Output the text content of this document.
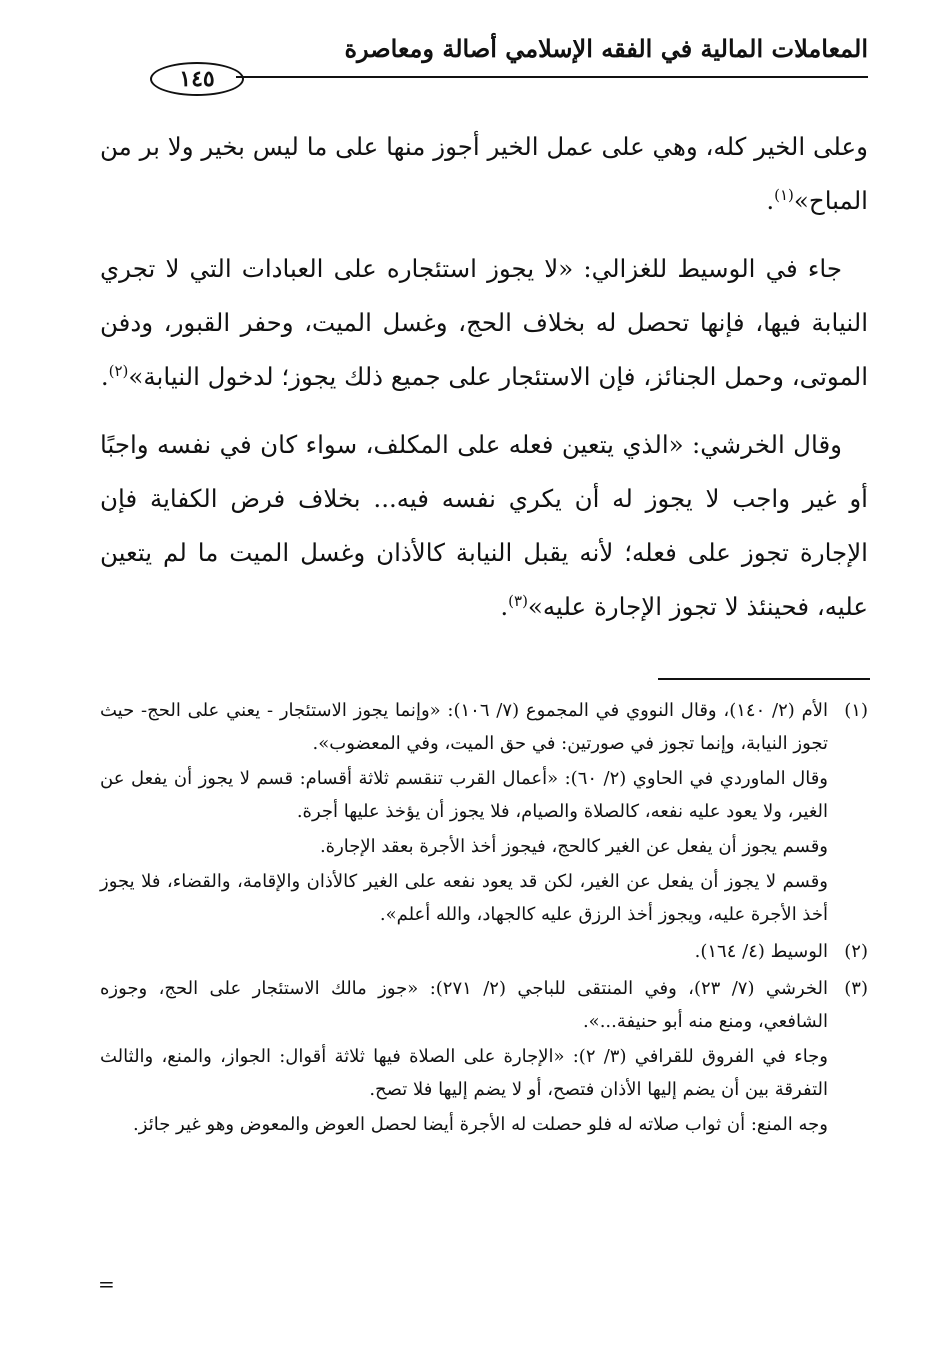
المعاملات المالية في الفقه الإسلامي أصالة ومعاصرة
١٤٥

وعلى الخير كله، وهي على عمل الخير أجوز منها على ما ليس بخير ولا بر من المباح»$^{(١)}$.

جاء في الوسيط للغزالي: «لا يجوز استئجاره على العبادات التي لا تجري النيابة فيها، فإنها تحصل له بخلاف الحج، وغسل الميت، وحفر القبور، ودفن الموتى، وحمل الجنائز، فإن الاستئجار على جميع ذلك يجوز؛ لدخول النيابة»$^{(٢)}$.

وقال الخرشي: «الذي يتعين فعله على المكلف، سواء كان في نفسه واجبًا أو غير واجب لا يجوز له أن يكري نفسه فيه... بخلاف فرض الكفاية فإن الإجارة تجوز على فعله؛ لأنه يقبل النيابة كالأذان وغسل الميت ما لم يتعين عليه، فحينئذ لا تجوز الإجارة عليه»$^{(٣)}$.

(١)

الأم (٢/ ١٤٠)، وقال النووي في المجموع (٧/ ١٠٦): «وإنما يجوز الاستئجار - يعني على الحج- حيث تجوز النيابة، وإنما تجوز في صورتين: في حق الميت، وفي المعضوب».

وقال الماوردي في الحاوي (٢/ ٦٠): «أعمال القرب تنقسم ثلاثة أقسام: قسم لا يجوز أن يفعل عن الغير، ولا يعود عليه نفعه، كالصلاة والصيام، فلا يجوز أن يؤخذ عليها أجرة.

وقسم يجوز أن يفعل عن الغير كالحج، فيجوز أخذ الأجرة بعقد الإجارة.

وقسم لا يجوز أن يفعل عن الغير، لكن قد يعود نفعه على الغير كالأذان والإقامة، والقضاء، فلا يجوز أخذ الأجرة عليه، ويجوز أخذ الرزق عليه كالجهاد، والله أعلم».

(٢)

الوسيط (٤/ ١٦٤).

(٣)

الخرشي (٧/ ٢٣)، وفي المنتقى للباجي (٢/ ٢٧١): «جوز مالك الاستئجار على الحج، وجوزه الشافعي، ومنع منه أبو حنيفة...».

وجاء في الفروق للقرافي (٣/ ٢): «الإجارة على الصلاة فيها ثلاثة أقوال: الجواز، والمنع، والثالث التفرقة بين أن يضم إليها الأذان فتصح، أو لا يضم إليها فلا تصح.

وجه المنع: أن ثواب صلاته له فلو حصلت له الأجرة أيضا لحصل العوض والمعوض وهو غير جائز.

=
